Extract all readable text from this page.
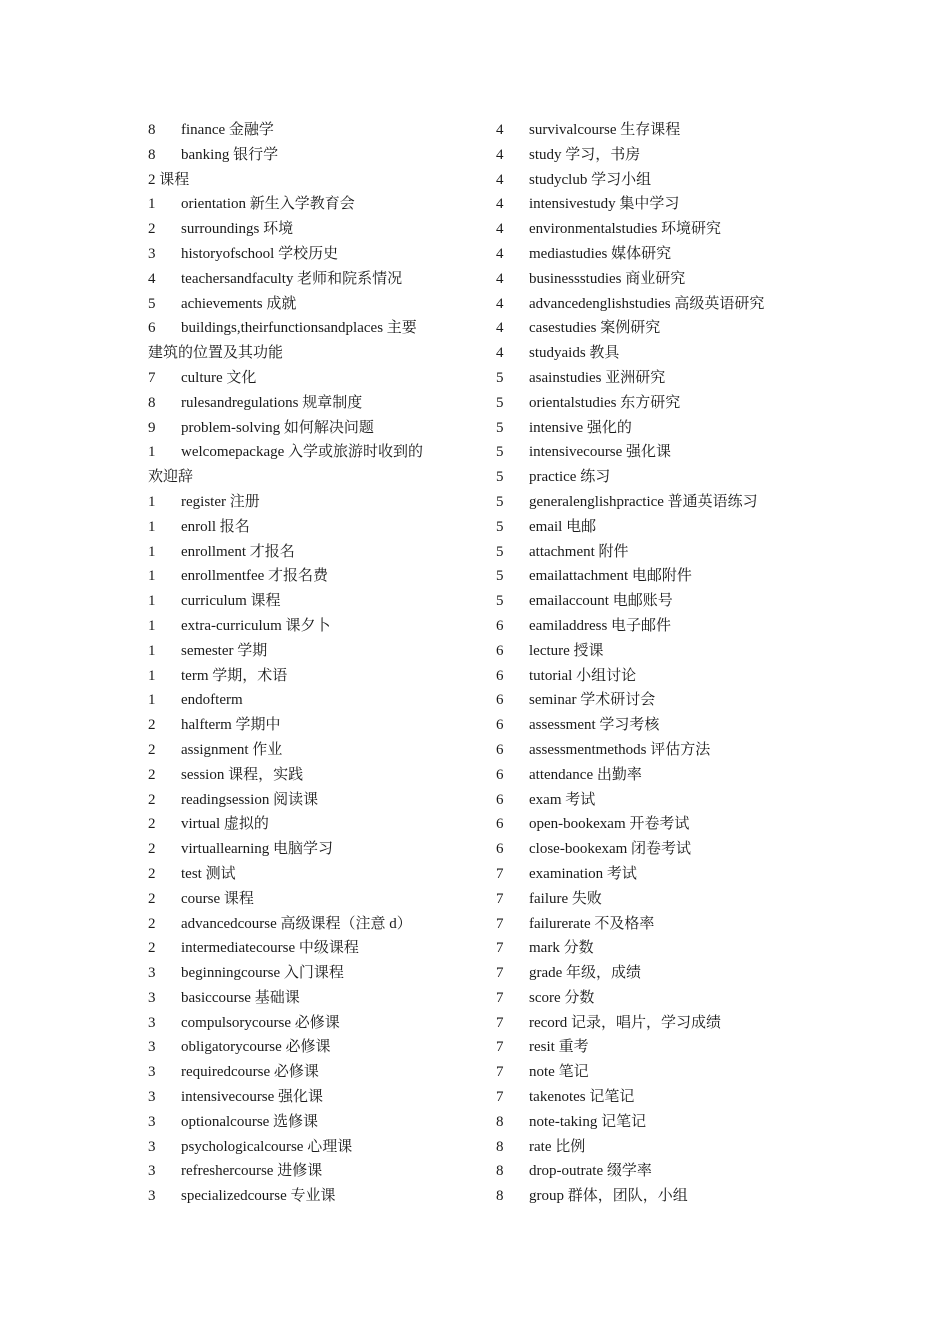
8	finance 金融学
8	banking 银行学
2 课程
1	orientation 新生入学教育会
2	surroundings 环境
3	historyofschool 学校历史
4	teachersandfaculty 老师和院系情况
5	achievements 成就
6	buildings,theirfunctionsandplaces 主要
建筑的位置及其功能
7	culture 文化
8	rulesandregulations 规章制度
9	problem-solving 如何解决问题
1	welcomepackage 入学或旅游时收到的
欢迎辞
1	register 注册
1	enroll 报名
1	enrollment 才报名
1	enrollmentfee 才报名费
1	curriculum 课程
1	extra-curriculum 课夕卜
1	semester 学期
1	term 学期，术语
1	endofterm
2	halfterm 学期中
2	assignment 作业
2	session 课程，实践
2	readingsession 阅读课
2	virtual 虚拟的
2	virtuallearning 电脑学习
2	test 测试
2	course 课程
2	advancedcourse 高级课程（注意 d）
2	intermediatecourse 中级课程
3	beginningcourse 入门课程
3	basiccourse 基础课
3	compulsorycourse 必修课
3	obligatorycourse 必修课
3	requiredcourse 必修课
3	intensivecourse 强化课
3	optionalcourse 选修课
3	psychologicalcourse 心理课
3	refreshercourse 进修课
3	specializedcourse 专业课
4	survivalcourse 生存课程
4	study 学习，书房
4	studyclub 学习小组
4	intensivestudy 集中学习
4	environmentalstudies 环境研究
4	mediastudies 媒体研究
4	businessstudies 商业研究
4	advancedenglishstudies 高级英语研究
4	casestudies 案例研究
4	studyaids 教具
5	asainstudies 亚洲研究
5	orientalstudies 东方研究
5	intensive 强化的
5	intensivecourse 强化课
5	practice 练习
5	generalenglishpractice 普通英语练习
5	email 电邮
5	attachment 附件
5	emailattachment 电邮附件
5	emailaccount 电邮账号
6	eamiladdress 电子邮件
6	lecture 授课
6	tutorial 小组讨论
6	seminar 学术研讨会
6	assessment 学习考核
6	assessmentmethods 评估方法
6	attendance 出勤率
6	exam 考试
6	open-bookexam 开卷考试
6	close-bookexam 闭卷考试
7	examination 考试
7	failure 失败
7	failurerate 不及格率
7	mark 分数
7	grade 年级，成绩
7	score 分数
7	record 记录，唱片，学习成绩
7	resit 重考
7	note 笔记
7	takenotes 记笔记
8	note-taking 记笔记
8	rate 比例
8	drop-outrate 缀学率
8	group 群体，团队，小组
